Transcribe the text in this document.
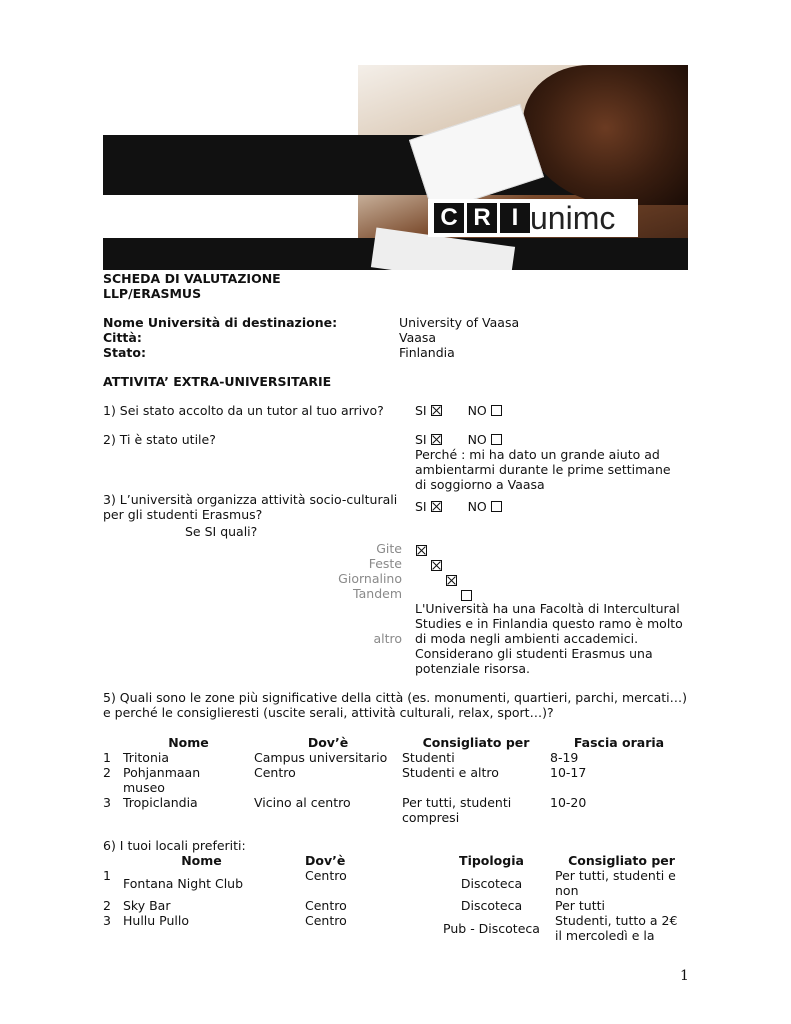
C R I unimc
SCHEDA DI VALUTAZIONE
LLP/ERASMUS
Nome Università di destinazione:	University of Vaasa
Città:	Vaasa
Stato:	Finlandia
ATTIVITA’ EXTRA-UNIVERSITARIE
1) Sei stato accolto da un tutor al tuo arrivo? SI	NO
2) Ti è stato utile?	SI	NO
Perché : mi ha dato un grande aiuto ad ambientarmi durante le prime settimane di soggiorno a Vaasa
3) L’università organizza attività socio-culturali per gli studenti Erasmus?
SI	NO
Se SI quali?
Gite

Feste

Giornalino

Tandem
altro
L'Università ha una Facoltà di Intercultural Studies e in Finlandia questo ramo è molto di moda negli ambienti accademici. Considerano gli studenti Erasmus una potenziale risorsa.
5) Quali sono le zone più significative della città (es. monumenti, quartieri, parchi, mercati…) e perché le consiglieresti (uscite serali, attività culturali, relax, sport…)?
	Nome	Dov’è	Consigliato per	Fascia oraria
1	Tritonia	Campus universitario	Studenti	8-19
2	Pohjanmaan museo	Centro	Studenti e altro	10-17
3	Tropiclandia	Vicino al centro	Per tutti, studenti compresi	10-20
6) I tuoi locali preferiti:
	Nome	Dov’è	Tipologia	Consigliato per
1	Fontana Night Club	Centro	Discoteca	Per tutti, studenti e non
2	Sky Bar	Centro	Discoteca	Per tutti
3	Hullu Pullo	Centro	Pub - Discoteca	Studenti, tutto a 2€ il mercoledì e la
1
